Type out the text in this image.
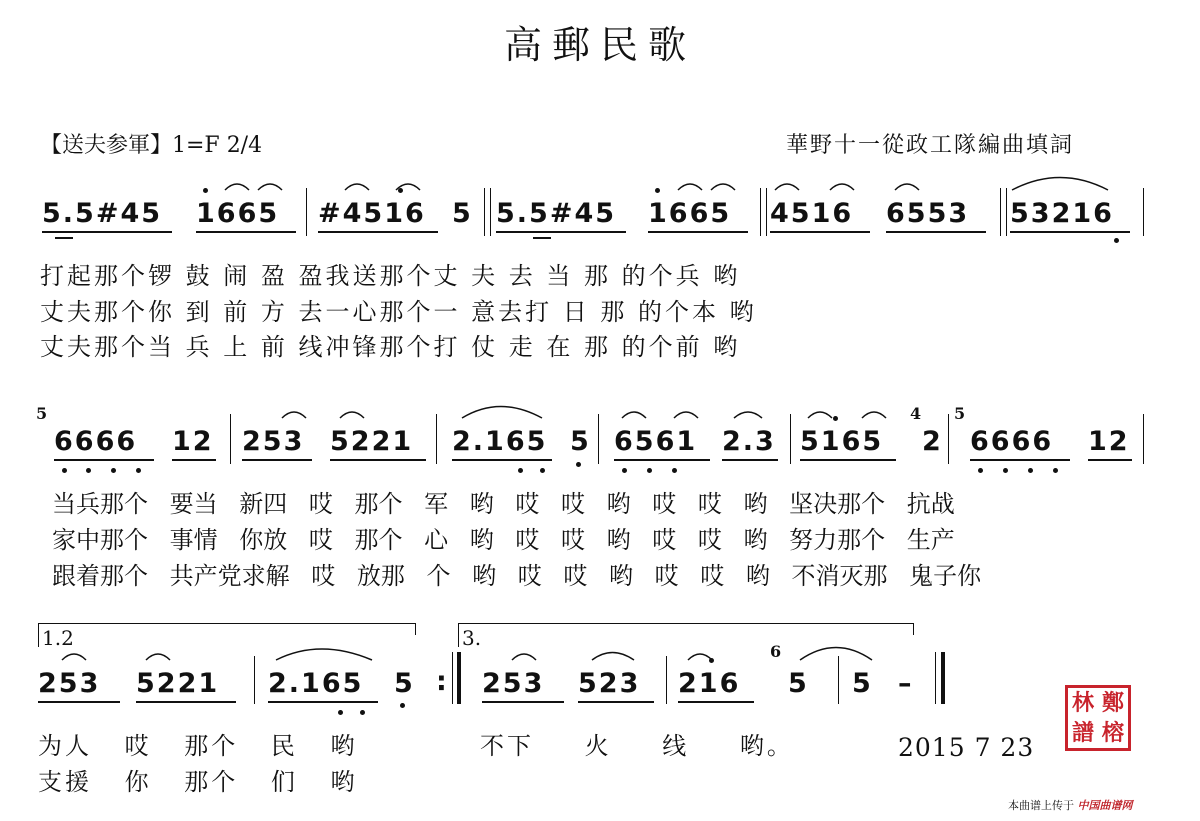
高郵民歌
【送夫参軍】1=F 2/4	華野十一從政工隊編曲填詞
5.5#45 1665 #4516 5 5.5#45 1665 4516 6553 53216
打起那个锣 鼓 闹 盈 盈我送那个丈 夫 去 当 那 的个兵 哟
丈夫那个你 到 前 方 去一心那个一 意去打 日 那 的个本 哟
丈夫那个当 兵 上 前 线冲锋那个打 仗 走 在 那 的个前 哟
5
6666 12 253 5221 2.165 5 6561 2.3 5165
4
2
5
6666 12
当兵那个 要当 新四 哎 那个 军 哟 哎 哎 哟 哎 哎 哟 坚决那个 抗战
家中那个 事情 你放 哎 那个 心 哟 哎 哎 哟 哎 哎 哟 努力那个 生产
跟着那个 共产党求解 哎 放那 个 哟 哎 哎 哟 哎 哎 哟 不消灭那 鬼子你
1.2	3.
253 5221 2.165 5 : 253 523 216
6
5 5 –
为人 哎 那个 民 哟
支援 你 那个 们 哟
不下 火 线 哟。	2015 7 23
林 鄭
譜 榕
本曲谱上传于 中国曲谱网
